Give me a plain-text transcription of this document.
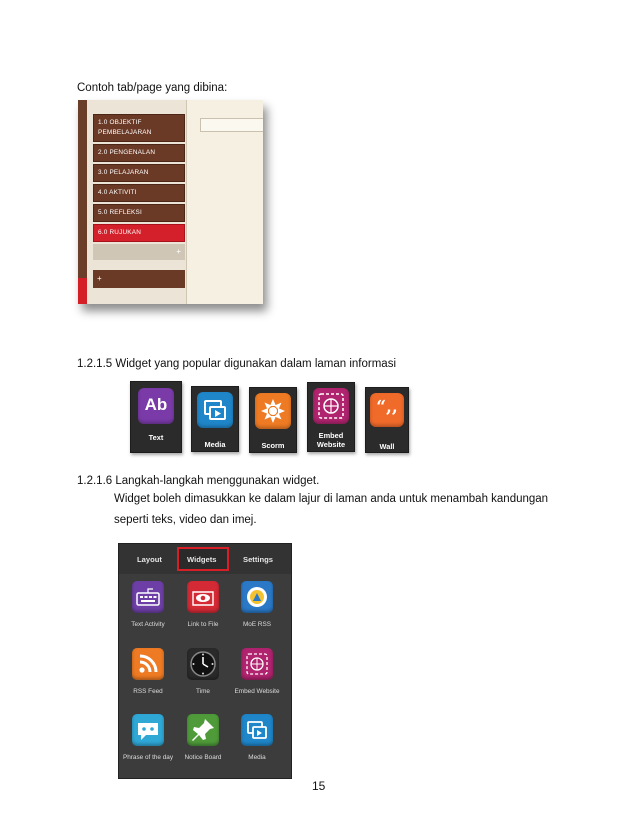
Contoh tab/page yang dibina:
1.0 OBJEKTIF PEMBELAJARAN
2.0 PENGENALAN
3.0 PELAJARAN
4.0 AKTIVITI
5.0 REFLEKSI
6.0 RUJUKAN
+
+
1.2.1.5 Widget yang popular digunakan dalam laman informasi
Ab
Text
Media	Scorm
Embed Website
“,,
Wall
1.2.1.6 Langkah-langkah menggunakan widget.
Widget boleh dimasukkan ke dalam lajur di laman anda untuk menambah kandungan
seperti teks, video dan imej.
Layout	Widgets	Settings
Text Activity	Link to File	MoE RSS
RSS Feed	Time	Embed Website
Phrase of the day	Notice Board	Media
15
